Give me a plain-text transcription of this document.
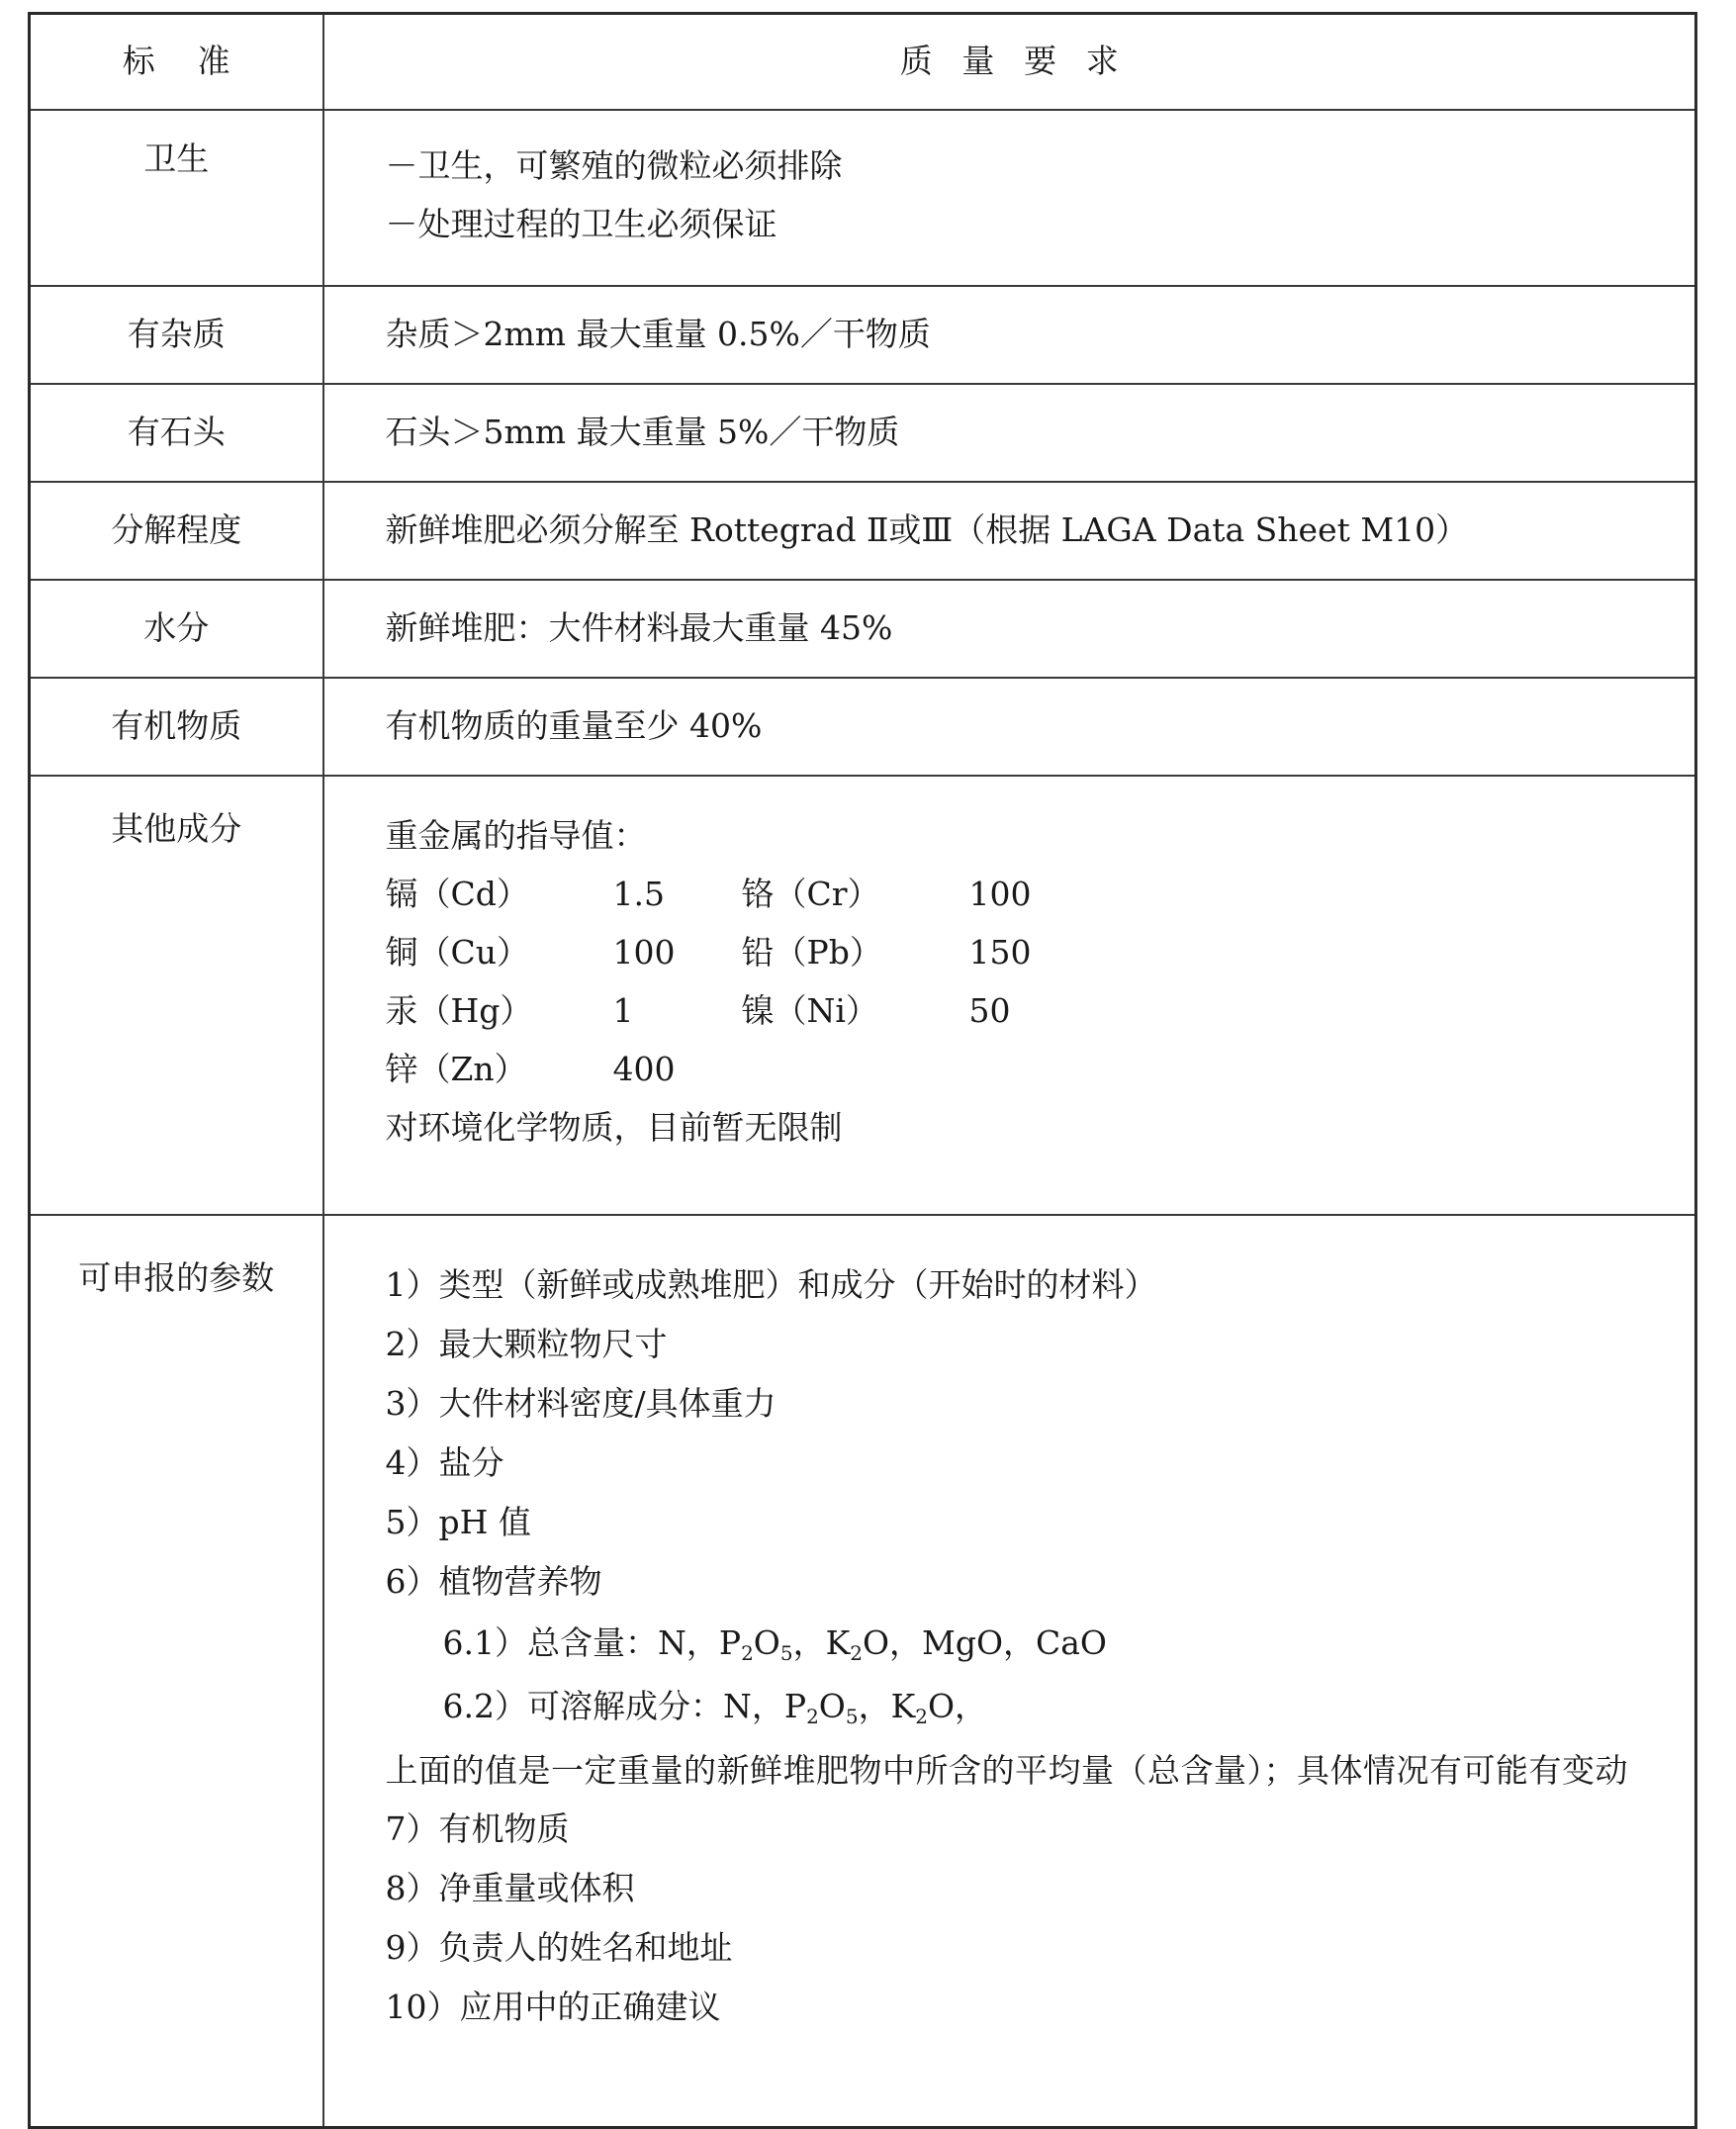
标准	质量要求
卫生	－卫生，可繁殖的微粒必须排除
－处理过程的卫生必须保证

有杂质	杂质＞2mm 最大重量 0.5%／干物质
有石头	石头＞5mm 最大重量 5%／干物质
分解程度	新鲜堆肥必须分解至 Rottegrad Ⅱ或Ⅲ（根据 LAGA Data Sheet M10）
水分	新鲜堆肥：大件材料最大重量 45%
有机物质	有机物质的重量至少 40%
其他成分	重金属的指导值：
镉（Cd）	1.5	铬（Cr）	100
铜（Cu）	100	铅（Pb）	150
汞（Hg）	1	镍（Ni）	50
锌（Zn）	400		
对环境化学物质，目前暂无限制

可申报的参数	1）类型（新鲜或成熟堆肥）和成分（开始时的材料）
2）最大颗粒物尺寸
3）大件材料密度/具体重力
4）盐分
5）pH 值
6）植物营养物
6.1）总含量：N，$P_2O_5$，$K_2O$，MgO，CaO
6.2）可溶解成分：N，$P_2O_5$，$K_2O$，

上面的值是一定重量的新鲜堆肥物中所含的平均量（总含量）；具体情况有可能有变动

7）有机物质
8）净重量或体积
9）负责人的姓名和地址
10）应用中的正确建议
